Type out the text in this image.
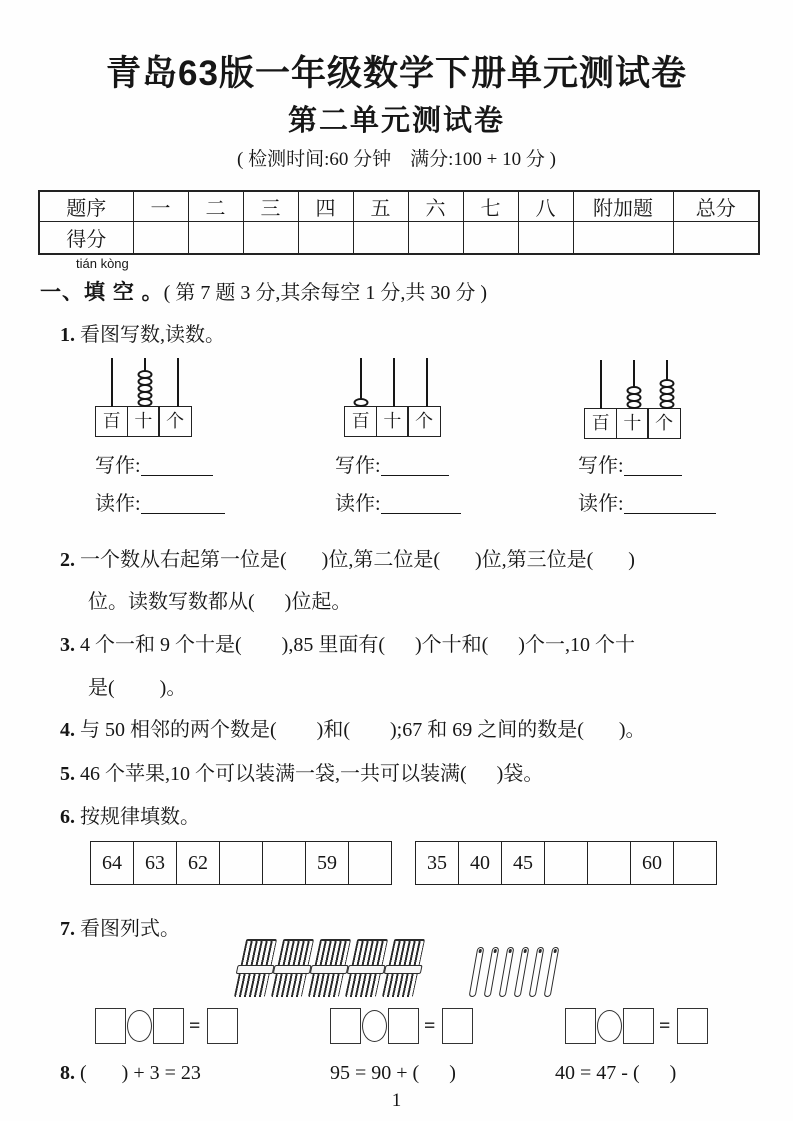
青岛63版一年级数学下册单元测试卷
第二单元测试卷
( 检测时间:60 分钟　满分:100 + 10 分 )
题序	一	二	三	四	五	六	七	八	附加题	总分
得分										
tián kòng
一、填 空 。( 第 7 题 3 分,其余每空 1 分,共 30 分 )
1. 看图写数,读数。
百 十 个	百 十 个	百 十 个
写作:
读作:
写作:
读作:
写作:
读作:
2. 一个数从右起第一位是(       )位,第二位是(       )位,第三位是(       )
位。读数写数都从(      )位起。
3. 4 个一和 9 个十是(        ),85 里面有(      )个十和(      )个一,10 个十
是(         )。
4. 与 50 相邻的两个数是(        )和(        );67 和 69 之间的数是(       )。
5. 46 个苹果,10 个可以装满一袋,一共可以装满(      )袋。
6. 按规律填数。
64	63	62			59		35	40	45			60	
7. 看图列式。
=	=	=
8. (       ) + 3 = 23	95 = 90 + (      )	40 = 47 - (      )
1
